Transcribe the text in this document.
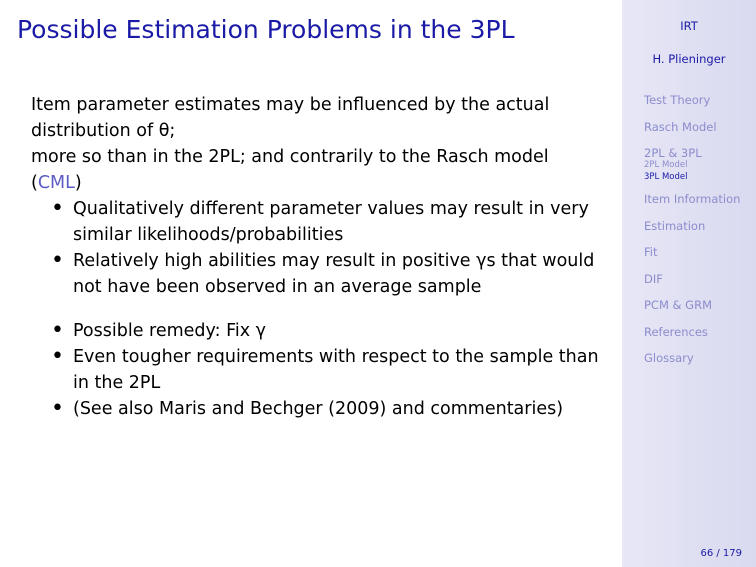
Possible Estimation Problems in the 3PL

Item parameter estimates may be influenced by the actual
distribution of θ;
more so than in the 2PL; and contrarily to the Rasch model
(CML)

• Qualitatively different parameter values may result in very similar likelihoods/probabilities
• Relatively high abilities may result in positive γs that would not have been observed in an average sample
• Possible remedy: Fix γ
• Even tougher requirements with respect to the sample than in the 2PL
• (See also Maris and Bechger (2009) and commentaries)
IRT
H. Plieninger
Test Theory
Rasch Model
2PL & 3PL
2PL Model
3PL Model
Item Information
Estimation
Fit
DIF
PCM & GRM
References
Glossary
66 / 179
